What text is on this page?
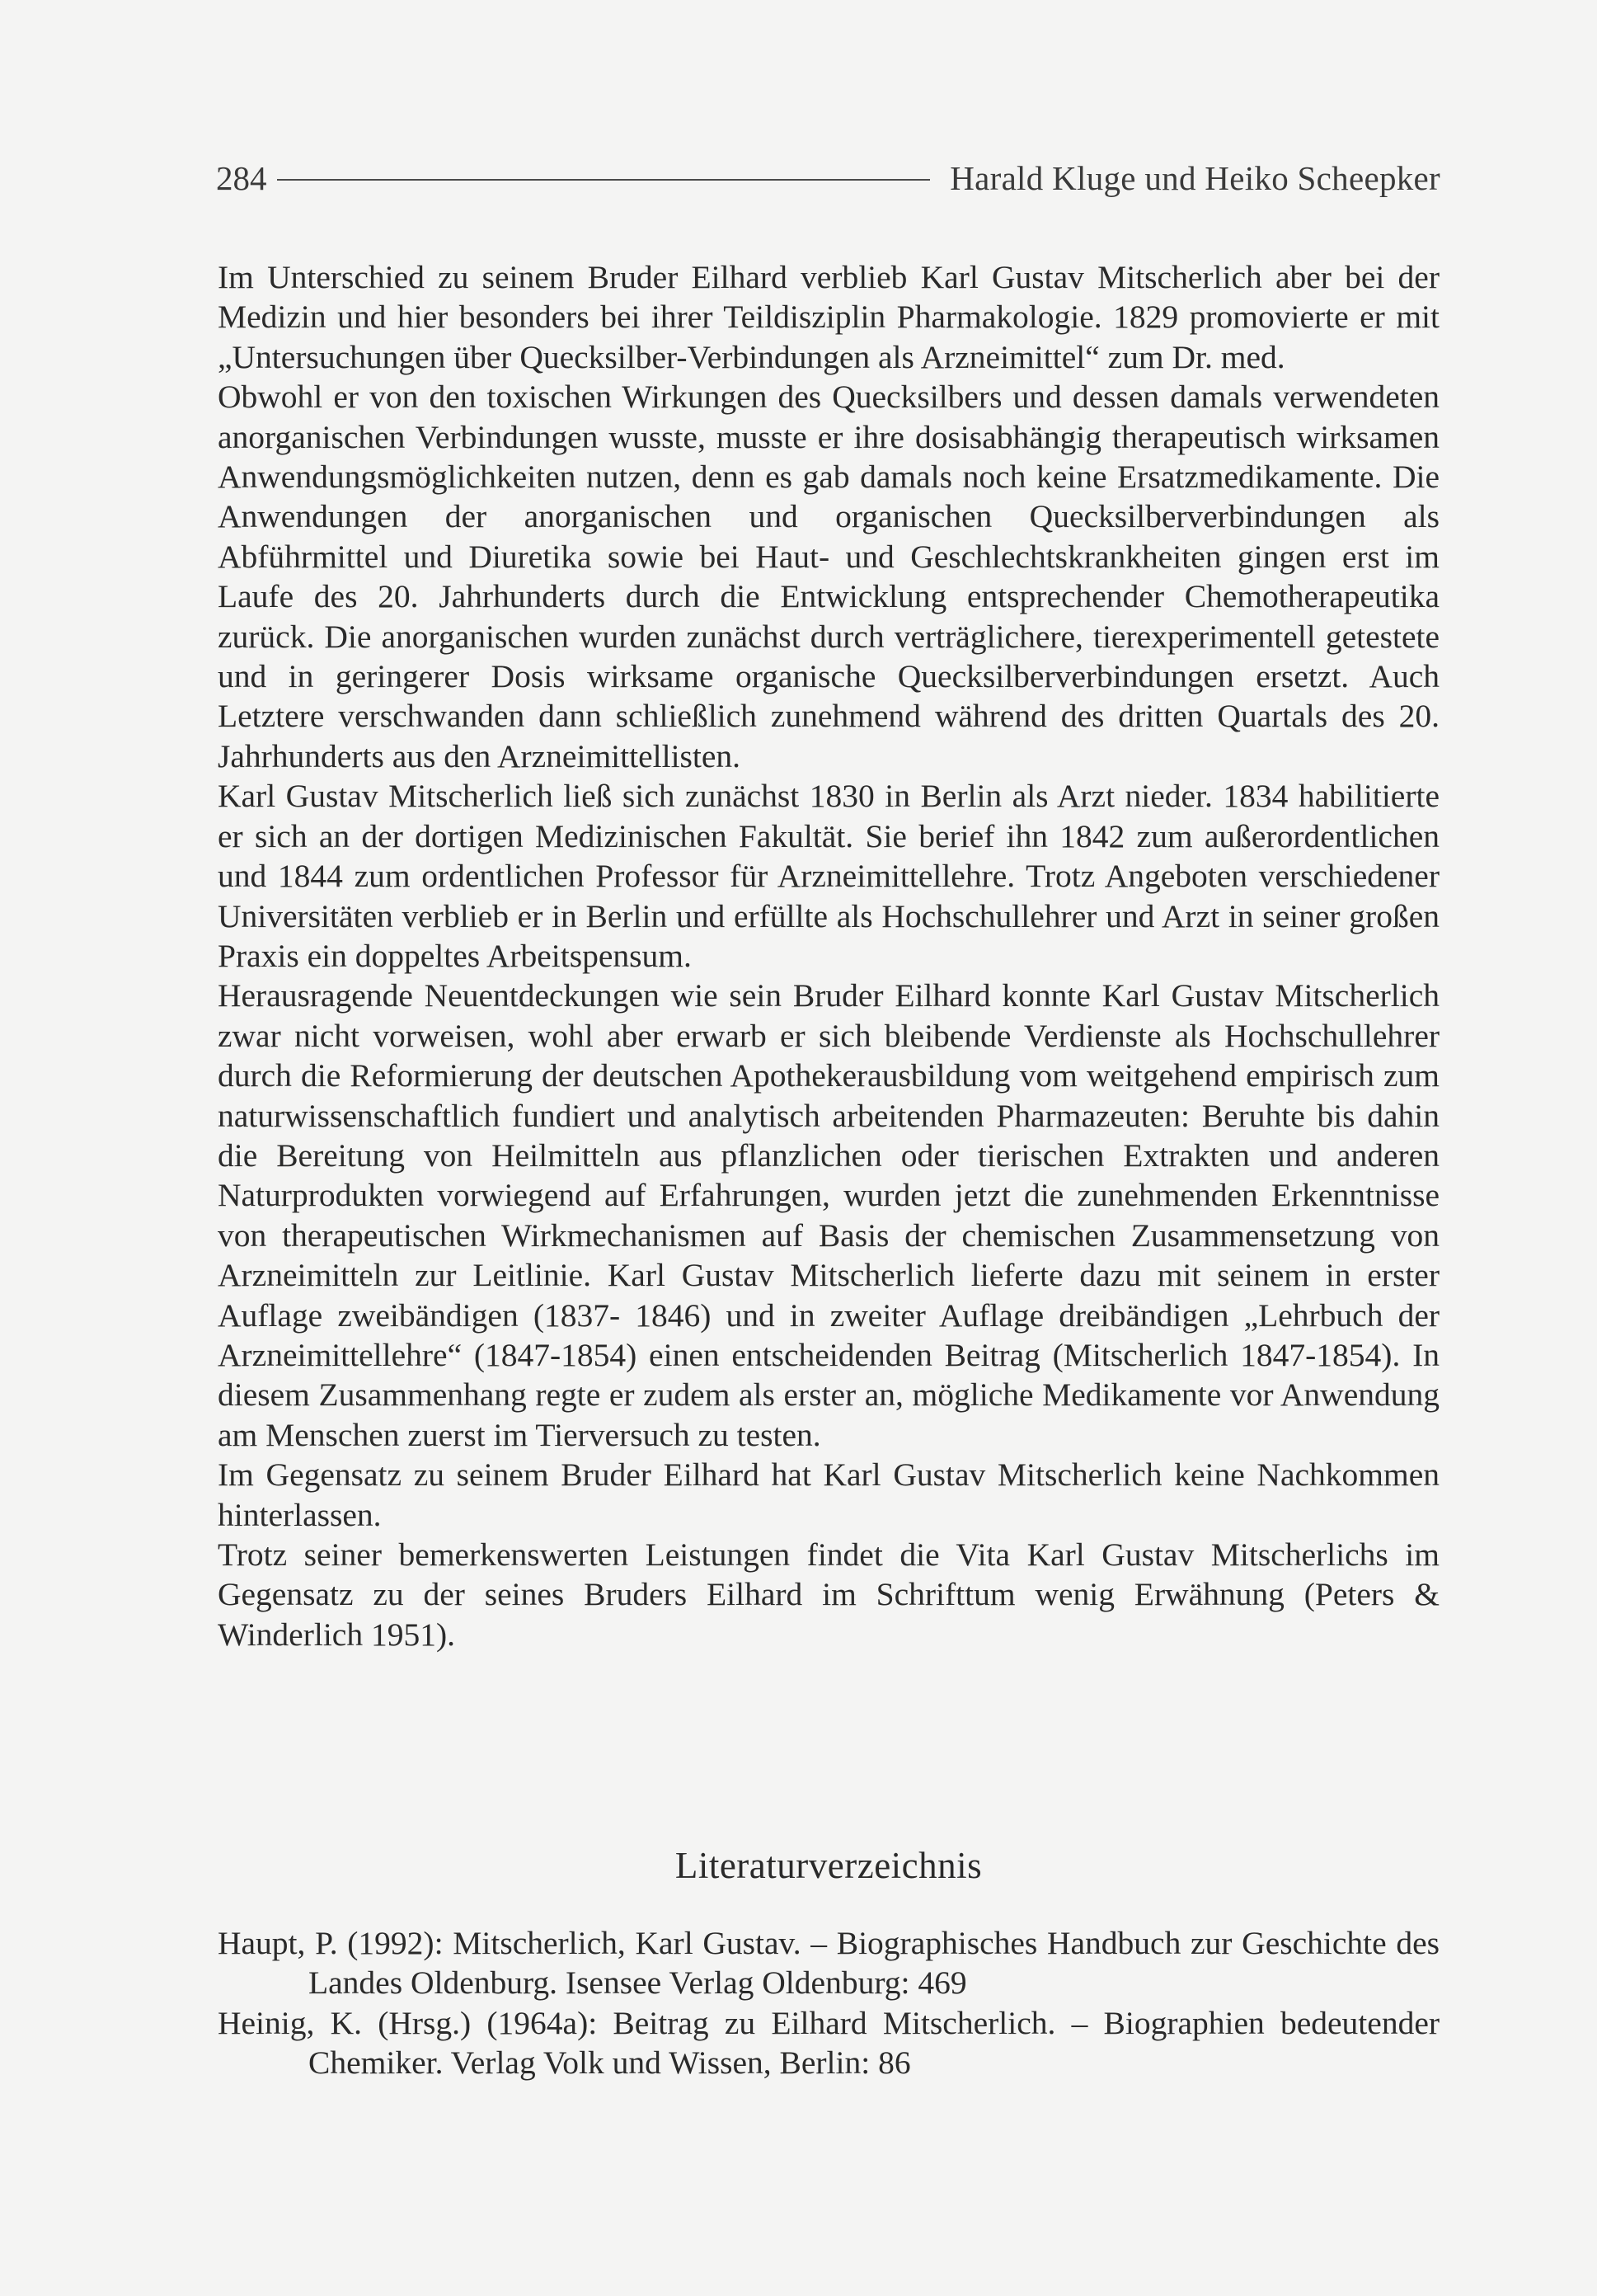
284	Harald Kluge und Heiko Scheepker

Im Unterschied zu seinem Bruder Eilhard verblieb Karl Gustav Mitscherlich aber bei der Medizin und hier besonders bei ihrer Teildisziplin Pharmakologie. 1829 promovierte er mit „Untersuchungen über Quecksilber-Verbindungen als Arzneimittel“ zum Dr. med.

Obwohl er von den toxischen Wirkungen des Quecksilbers und dessen damals verwendeten anorganischen Verbindungen wusste, musste er ihre dosisabhängig therapeutisch wirksamen Anwendungsmöglichkeiten nutzen, denn es gab damals noch keine Ersatzmedikamente. Die Anwendungen der anorganischen und organischen Quecksilberverbindungen als Abführmittel und Diuretika sowie bei Haut- und Geschlechtskrankheiten gingen erst im Laufe des 20. Jahrhunderts durch die Entwicklung entsprechender Chemotherapeutika zurück. Die anorganischen wurden zunächst durch verträglichere, tierexperimentell getestete und in geringerer Dosis wirksame organische Quecksilberverbindungen ersetzt. Auch Letztere verschwanden dann schließlich zunehmend während des dritten Quartals des 20. Jahrhunderts aus den Arzneimittellisten.

Karl Gustav Mitscherlich ließ sich zunächst 1830 in Berlin als Arzt nieder. 1834 habilitierte er sich an der dortigen Medizinischen Fakultät. Sie berief ihn 1842 zum außerordentlichen und 1844 zum ordentlichen Professor für Arzneimittellehre. Trotz Angeboten verschiedener Universitäten verblieb er in Berlin und erfüllte als Hochschullehrer und Arzt in seiner großen Praxis ein doppeltes Arbeitspensum.

Herausragende Neuentdeckungen wie sein Bruder Eilhard konnte Karl Gustav Mitscherlich zwar nicht vorweisen, wohl aber erwarb er sich bleibende Verdienste als Hochschullehrer durch die Reformierung der deutschen Apothekerausbildung vom weitgehend empirisch zum naturwissenschaftlich fundiert und analytisch arbeitenden Pharmazeuten: Beruhte bis dahin die Bereitung von Heilmitteln aus pflanzlichen oder tierischen Extrakten und anderen Naturprodukten vorwiegend auf Erfahrungen, wurden jetzt die zunehmenden Erkenntnisse von therapeutischen Wirkmechanismen auf Basis der chemischen Zusammensetzung von Arzneimitteln zur Leitlinie. Karl Gustav Mitscherlich lieferte dazu mit seinem in erster Auflage zweibändigen (1837- 1846) und in zweiter Auflage dreibändigen „Lehrbuch der Arzneimittellehre“ (1847-1854) einen entscheidenden Beitrag (Mitscherlich 1847-1854). In diesem Zusammenhang regte er zudem als erster an, mögliche Medikamente vor Anwendung am Menschen zuerst im Tierversuch zu testen.

Im Gegensatz zu seinem Bruder Eilhard hat Karl Gustav Mitscherlich keine Nachkommen hinterlassen.

Trotz seiner bemerkenswerten Leistungen findet die Vita Karl Gustav Mitscherlichs im Gegensatz zu der seines Bruders Eilhard im Schrifttum wenig Erwähnung (Peters & Winderlich 1951).

Literaturverzeichnis

Haupt, P. (1992): Mitscherlich, Karl Gustav. – Biographisches Handbuch zur Geschichte des Landes Oldenburg. Isensee Verlag Oldenburg: 469

Heinig, K. (Hrsg.) (1964a): Beitrag zu Eilhard Mitscherlich. – Biographien bedeutender Chemiker. Verlag Volk und Wissen, Berlin: 86
